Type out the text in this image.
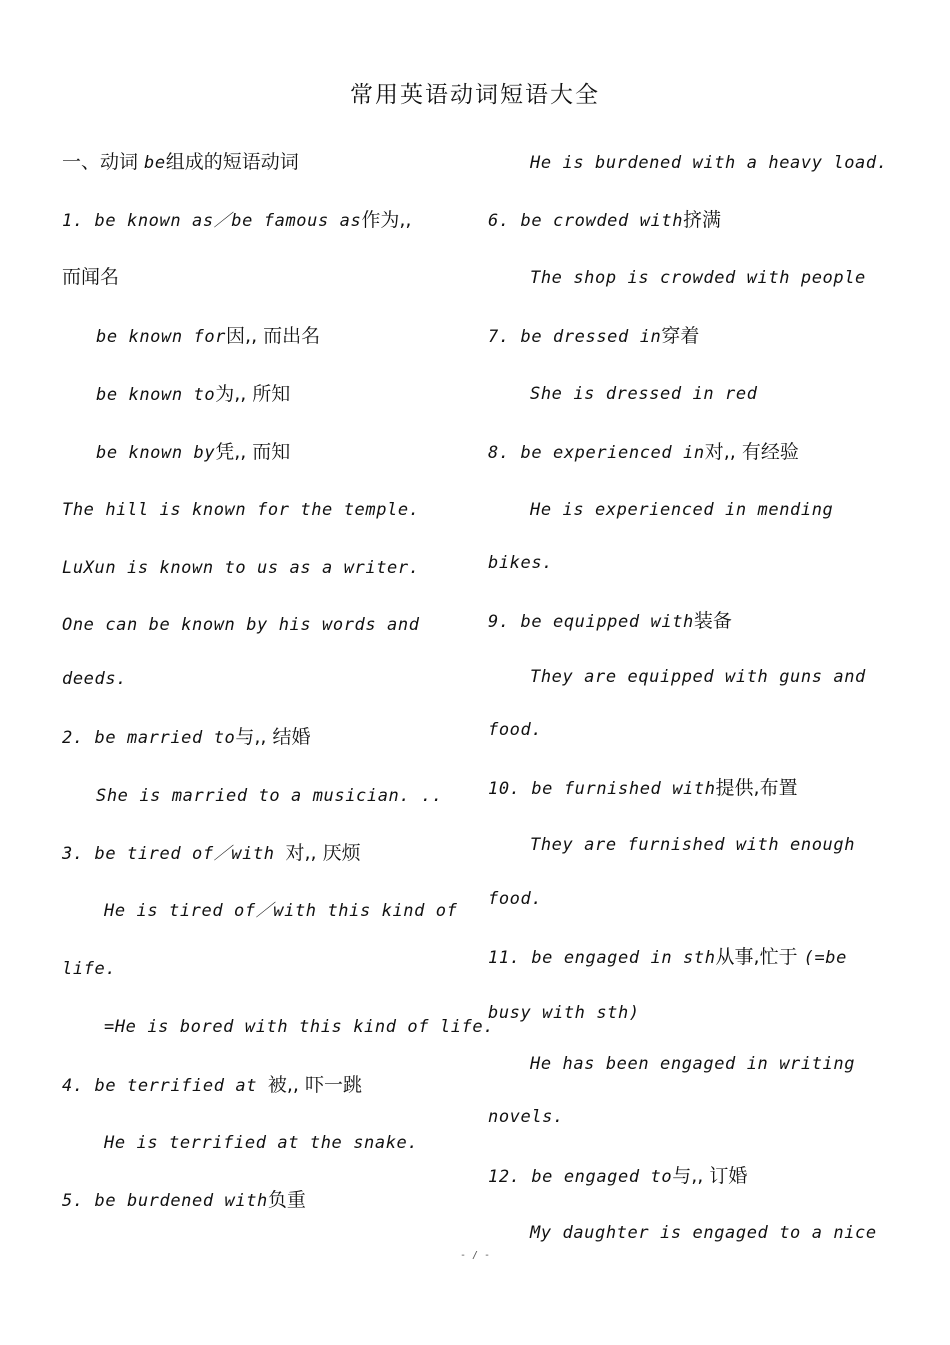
常用英语动词短语大全
一、动词 be组成的短语动词
1. be known as／be famous as作为,,
而闻名
be known for因,, 而出名
be known to为,, 所知
be known by凭,, 而知
The hill is known for the temple.
LuXun is known to us as a writer.
One can be known by his words and
deeds.
2. be married to与,, 结婚
She is married to a musician. ..
3. be tired of／with 对,, 厌烦
He is tired of／with this kind of
life.
=He is bored with this kind of life.
4. be terrified at 被,, 吓一跳
He is terrified at the snake.
5. be burdened with负重
He is burdened with a heavy load.
6. be crowded with挤满
The shop is crowded with people
7. be dressed in穿着
She is dressed in red
8. be experienced in对,, 有经验
He is experienced in mending
bikes.
9. be equipped with装备
They are equipped with guns and
food.
10. be furnished with提供,布置
They are furnished with enough
food.
11. be engaged in sth从事,忙于 (=be
busy with sth)
He has been engaged in writing
novels.
12. be engaged to与,, 订婚
My daughter is engaged to a nice
- / -
